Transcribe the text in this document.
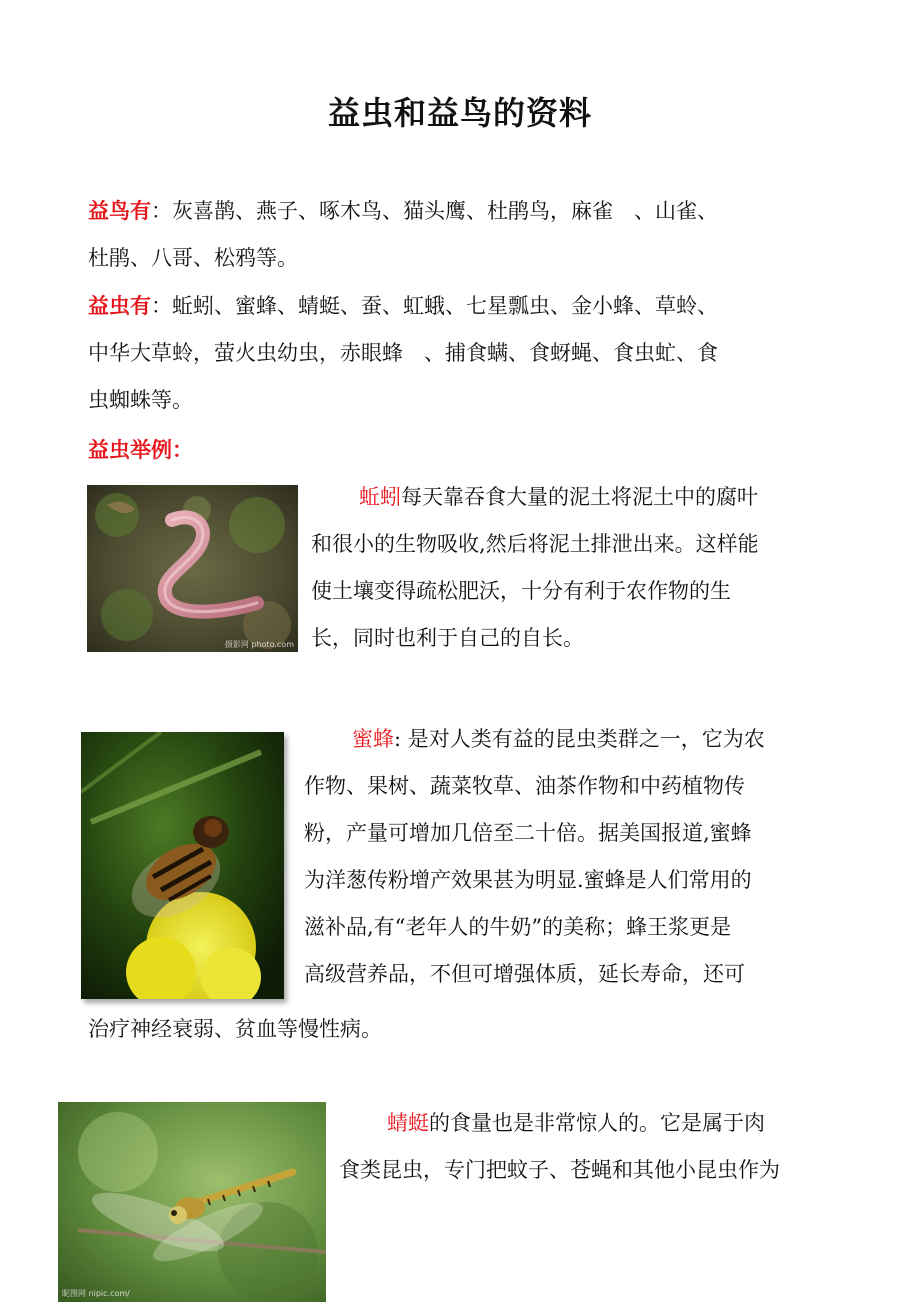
益虫和益鸟的资料
益鸟有：灰喜鹊、燕子、啄木鸟、猫头鹰、杜鹃鸟，麻雀　、山雀、
杜鹃、八哥、松鸦等。
益虫有：蚯蚓、蜜蜂、蜻蜓、蚕、虹蛾、七星瓢虫、金小蜂、草蛉、
中华大草蛉，萤火虫幼虫，赤眼蜂　、捕食螨、食蚜蝇、食虫虻、食
虫蜘蛛等。
益虫举例：
摄影网 photo.com
蚯蚓每天靠吞食大量的泥土将泥土中的腐叶
和很小的生物吸收,然后将泥土排泄出来。这样能
使土壤变得疏松肥沃，十分有利于农作物的生
长，同时也利于自己的自长。
蜜蜂: 是对人类有益的昆虫类群之一，它为农
作物、果树、蔬菜牧草、油茶作物和中药植物传
粉，产量可增加几倍至二十倍。据美国报道,蜜蜂
为洋葱传粉增产效果甚为明显.蜜蜂是人们常用的
滋补品,有“老年人的牛奶”的美称；蜂王浆更是
高级营养品，不但可增强体质，延长寿命，还可
治疗神经衰弱、贫血等慢性病。
昵图网 nipic.com/
蜻蜓的食量也是非常惊人的。它是属于肉
食类昆虫，专门把蚊子、苍蝇和其他小昆虫作为
